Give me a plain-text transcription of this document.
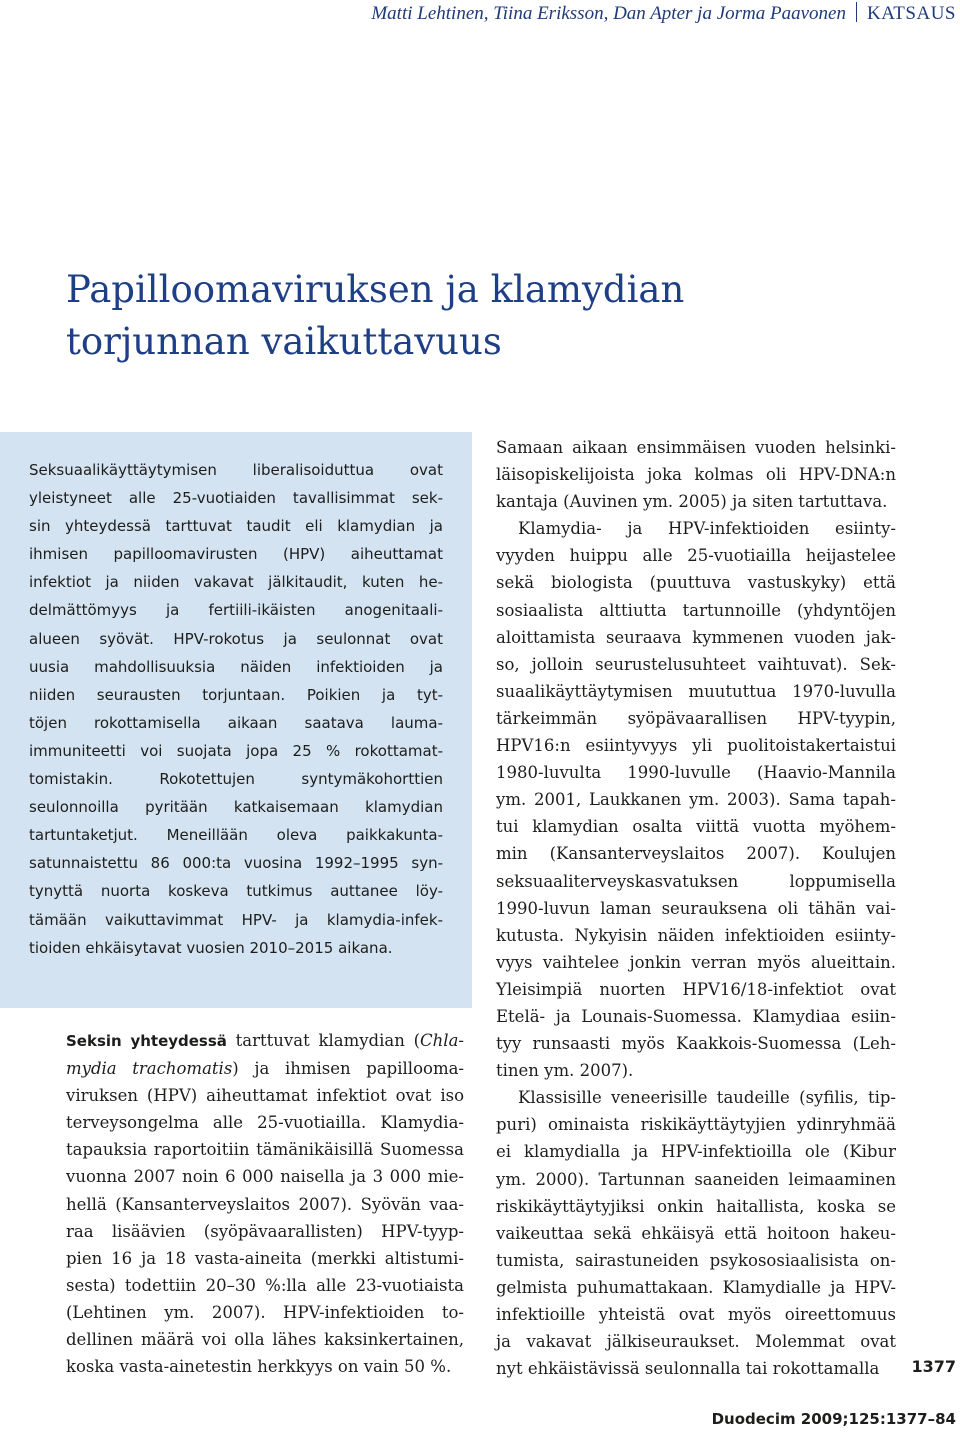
Matti Lehtinen, Tiina Eriksson, Dan Apter ja Jorma Paavonen KATSAUS
Papilloomaviruksen ja klamydian
torjunnan vaikuttavuus
Seksuaalikäyttäytymisen liberalisoiduttua ovat
yleistyneet alle 25-vuotiaiden tavallisimmat sek-
sin yhteydessä tarttuvat taudit eli klamydian ja
ihmisen papilloomavirusten (HPV) aiheuttamat
infektiot ja niiden vakavat jälkitaudit, kuten he-
delmättömyys ja fertiili-ikäisten anogenitaali-
alueen syövät. HPV-rokotus ja seulonnat ovat
uusia mahdollisuuksia näiden infektioiden ja
niiden seurausten torjuntaan. Poikien ja tyt-
töjen rokottamisella aikaan saatava lauma-
immuniteetti voi suojata jopa 25 % rokottamat-
tomistakin. Rokotettujen syntymäkohorttien
seulonnoilla pyritään katkaisemaan klamydian
tartuntaketjut. Meneillään oleva paikkakunta-
satunnaistettu 86 000:ta vuosina 1992–1995 syn-
tynyttä nuorta koskeva tutkimus auttanee löy-
tämään vaikuttavimmat HPV- ja klamydia-infek-
tioiden ehkäisytavat vuosien 2010–2015 aikana.
Seksin yhteydessä tarttuvat klamydian (Chla-
mydia trachomatis) ja ihmisen papillooma-
viruksen (HPV) aiheuttamat infektiot ovat iso
terveysongelma alle 25-vuotiailla. Klamydia-
tapauksia raportoitiin tämänikäisillä Suomessa
vuonna 2007 noin 6 000 naisella ja 3 000 mie-
hellä (Kansanterveyslaitos 2007). Syövän vaa-
raa lisäävien (syöpävaarallisten) HPV-tyyp-
pien 16 ja 18 vasta-aineita (merkki altistumi-
sesta) todettiin 20–30 %:lla alle 23-vuotiaista
(Lehtinen ym. 2007). HPV-infektioiden to-
dellinen määrä voi olla lähes kaksinkertainen,
koska vasta-ainetestin herkkyys on vain 50 %.
Samaan aikaan ensimmäisen vuoden helsinki-
läisopiskelijoista joka kolmas oli HPV-DNA:n
kantaja (Auvinen ym. 2005) ja siten tartuttava.
Klamydia- ja HPV-infektioiden esiinty-
vyyden huippu alle 25-vuotiailla heijastelee
sekä biologista (puuttuva vastuskyky) että
sosiaalista alttiutta tartunnoille (yhdyntöjen
aloittamista seuraava kymmenen vuoden jak-
so, jolloin seurustelusuhteet vaihtuvat). Sek-
suaalikäyttäytymisen muututtua 1970-luvulla
tärkeimmän syöpävaarallisen HPV-tyypin,
HPV16:n esiintyvyys yli puolitoistakertaistui
1980-luvulta 1990-luvulle (Haavio-Mannila
ym. 2001, Laukkanen ym. 2003). Sama tapah-
tui klamydian osalta viittä vuotta myöhem-
min (Kansanterveyslaitos 2007). Koulujen
seksuaaliterveyskasvatuksen loppumisella
1990-luvun laman seurauksena oli tähän vai-
kutusta. Nykyisin näiden infektioiden esiinty-
vyys vaihtelee jonkin verran myös alueittain.
Yleisimpiä nuorten HPV16/18-infektiot ovat
Etelä- ja Lounais-Suomessa. Klamydiaa esiin-
tyy runsaasti myös Kaakkois-Suomessa (Leh-
tinen ym. 2007).
Klassisille veneerisille taudeille (syfilis, tip-
puri) ominaista riskikäyttäytyjien ydinryhmää
ei klamydialla ja HPV-infektioilla ole (Kibur
ym. 2000). Tartunnan saaneiden leimaaminen
riskikäyttäytyjiksi onkin haitallista, koska se
vaikeuttaa sekä ehkäisyä että hoitoon hakeu-
tumista, sairastuneiden psykososiaalisista on-
gelmista puhumattakaan. Klamydialle ja HPV-
infektioille yhteistä ovat myös oireettomuus
ja vakavat jälkiseuraukset. Molemmat ovat
nyt ehkäistävissä seulonnalla tai rokottamalla	1377
Duodecim 2009;125:1377–84
